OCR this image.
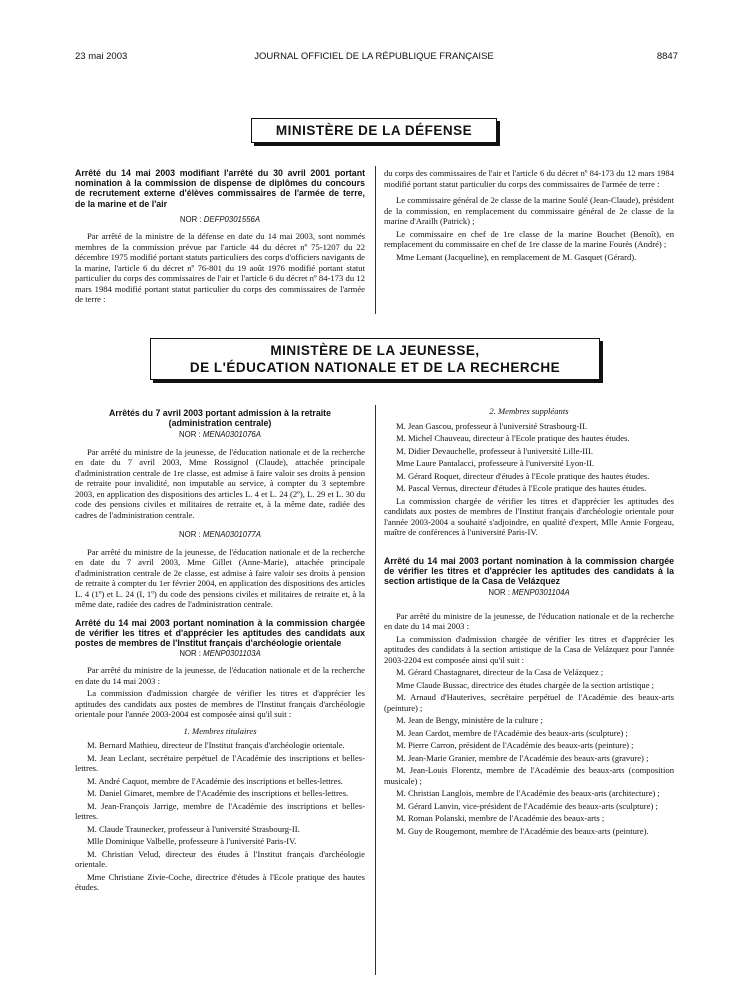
23 mai 2003	JOURNAL OFFICIEL DE LA RÉPUBLIQUE FRANÇAISE	8847
MINISTÈRE DE LA DÉFENSE
Arrêté du 14 mai 2003 modifiant l'arrêté du 30 avril 2001 portant nomination à la commission de dispense de diplômes du concours de recrutement externe d'élèves commissaires de l'armée de terre, de la marine et de l'air
NOR : DEFP0301556A

Par arrêté de la ministre de la défense en date du 14 mai 2003, sont nommés membres de la commission prévue par l'article 44 du décret nº 75-1207 du 22 décembre 1975 modifié portant statuts particuliers des corps d'officiers navigants de la marine, l'article 6 du décret nº 76-801 du 19 août 1976 modifié portant statut particulier du corps des commissaires de l'air et l'article 6 du décret nº 84-173 du 12 mars 1984 modifié portant statut particulier du corps des commissaires de l'armée de terre :

du corps des commissaires de l'air et l'article 6 du décret nº 84-173 du 12 mars 1984 modifié portant statut particulier du corps des commissaires de l'armée de terre :

Le commissaire général de 2e classe de la marine Soulé (Jean-Claude), président de la commission, en remplacement du commissaire général de 2e classe de la marine d'Arailh (Patrick) ;

Le commissaire en chef de 1re classe de la marine Bouchet (Benoît), en remplacement du commissaire en chef de 1re classe de la marine Fourès (André) ;

Mme Lemant (Jacqueline), en remplacement de M. Gasquet (Gérard).

MINISTÈRE DE LA JEUNESSE,
DE L'ÉDUCATION NATIONALE ET DE LA RECHERCHE
Arrêtés du 7 avril 2003 portant admission à la retraite
(administration centrale)
NOR : MENA0301076A

Par arrêté du ministre de la jeunesse, de l'éducation nationale et de la recherche en date du 7 avril 2003, Mme Rossignol (Claude), attachée principale d'administration centrale de 1re classe, est admise à faire valoir ses droits à pension de retraite pour invalidité, non imputable au service, à compter du 3 septembre 2003, en application des dispositions des articles L. 4 et L. 24 (2º), L. 29 et L. 30 du code des pensions civiles et militaires de retraite et, à la même date, radiée des cadres de l'administration centrale.

NOR : MENA0301077A

Par arrêté du ministre de la jeunesse, de l'éducation nationale et de la recherche en date du 7 avril 2003, Mme Gillet (Anne-Marie), attachée principale d'administration centrale de 2e classe, est admise à faire valoir ses droits à pension de retraite à compter du 1er février 2004, en application des dispositions des articles L. 4 (1º) et L. 24 (I, 1º) du code des pensions civiles et militaires de retraite et, à la même date, radiée des cadres de l'administration centrale.

Arrêté du 14 mai 2003 portant nomination à la commission chargée de vérifier les titres et d'apprécier les aptitudes des candidats aux postes de membres de l'Institut français d'archéologie orientale
NOR : MENP0301103A

Par arrêté du ministre de la jeunesse, de l'éducation nationale et de la recherche en date du 14 mai 2003 :

La commission d'admission chargée de vérifier les titres et d'apprécier les aptitudes des candidats aux postes de membres de l'Institut français d'archéologie orientale pour l'année 2003-2004 est composée ainsi qu'il suit :

1. Membres titulaires

M. Bernard Mathieu, directeur de l'Institut français d'archéologie orientale.

M. Jean Leclant, secrétaire perpétuel de l'Académie des inscriptions et belles-lettres.

M. André Caquot, membre de l'Académie des inscriptions et belles-lettres.

M. Daniel Gimaret, membre de l'Académie des inscriptions et belles-lettres.

M. Jean-François Jarrige, membre de l'Académie des inscriptions et belles-lettres.

M. Claude Traunecker, professeur à l'université Strasbourg-II.

Mlle Dominique Valbelle, professeure à l'université Paris-IV.

M. Christian Velud, directeur des études à l'Institut français d'archéologie orientale.

Mme Christiane Zivie-Coche, directrice d'études à l'Ecole pratique des hautes études.

2. Membres suppléants

M. Jean Gascou, professeur à l'université Strasbourg-II.

M. Michel Chauveau, directeur à l'Ecole pratique des hautes études.

M. Didier Devauchelle, professeur à l'université Lille-III.

Mme Laure Pantalacci, professeure à l'université Lyon-II.

M. Gérard Roquet, directeur d'études à l'Ecole pratique des hautes études.

M. Pascal Vernus, directeur d'études à l'Ecole pratique des hautes études.

La commission chargée de vérifier les titres et d'apprécier les aptitudes des candidats aux postes de membres de l'Institut français d'archéologie orientale pour l'année 2003-2004 a souhaité s'adjoindre, en qualité d'expert, Mlle Annie Forgeau, maître de conférences à l'université Paris-IV.

Arrêté du 14 mai 2003 portant nomination à la commission chargée de vérifier les titres et d'apprécier les aptitudes des candidats à la section artistique de la Casa de Velázquez
NOR : MENP0301104A

Par arrêté du ministre de la jeunesse, de l'éducation nationale et de la recherche en date du 14 mai 2003 :

La commission d'admission chargée de vérifier les titres et d'apprécier les aptitudes des candidats à la section artistique de la Casa de Velázquez pour l'année 2003-2204 est composée ainsi qu'il suit :

M. Gérard Chastagnaret, directeur de la Casa de Velázquez ;

Mme Claude Bussac, directrice des études chargée de la section artistique ;

M. Arnaud d'Hauterives, secrétaire perpétuel de l'Académie des beaux-arts (peinture) ;

M. Jean de Bengy, ministère de la culture ;

M. Jean Cardot, membre de l'Académie des beaux-arts (sculpture) ;

M. Pierre Carron, président de l'Académie des beaux-arts (peinture) ;

M. Jean-Marie Granier, membre de l'Académie des beaux-arts (gravure) ;

M. Jean-Louis Florentz, membre de l'Académie des beaux-arts (composition musicale) ;

M. Christian Langlois, membre de l'Académie des beaux-arts (architecture) ;

M. Gérard Lanvin, vice-président de l'Académie des beaux-arts (sculpture) ;

M. Roman Polanski, membre de l'Académie des beaux-arts ;

M. Guy de Rougemont, membre de l'Académie des beaux-arts (peinture).
